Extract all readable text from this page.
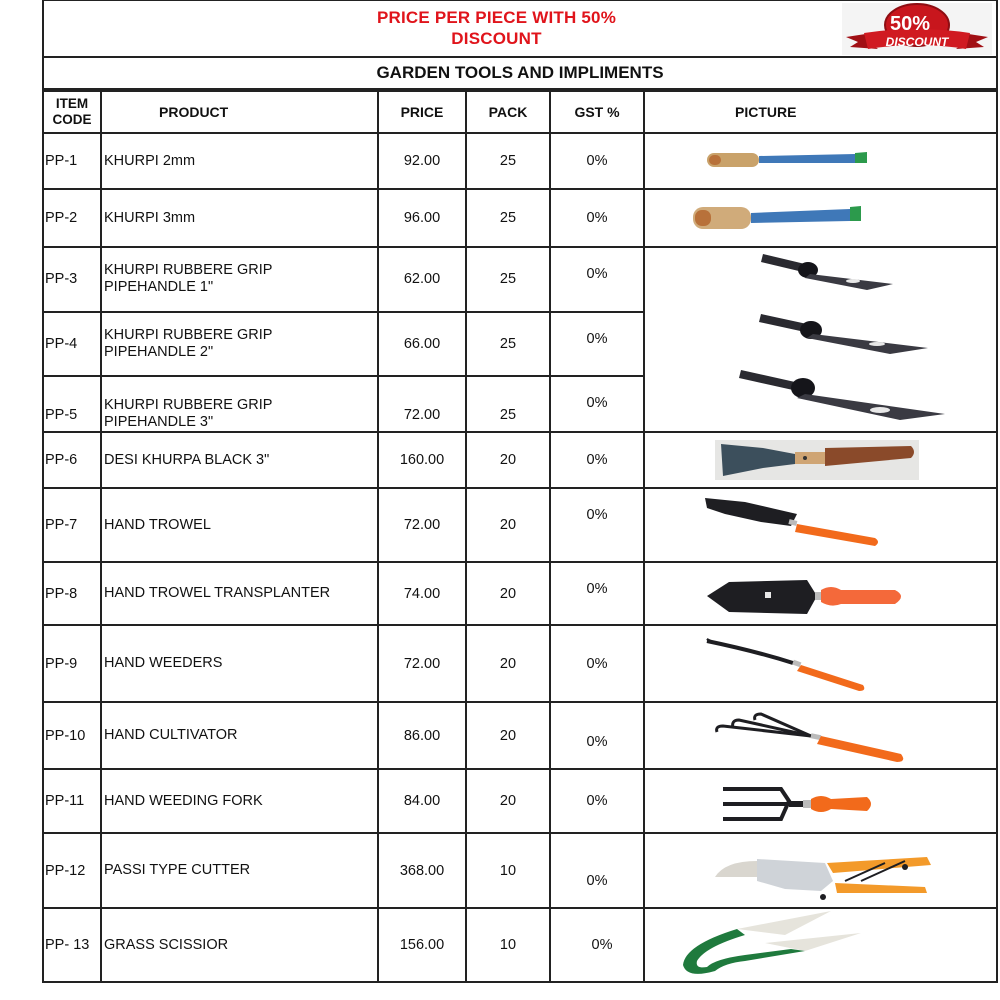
PRICE PER PIECE WITH 50%
DISCOUNT
50%
DISCOUNT
GARDEN TOOLS AND IMPLIMENTS
ITEM
CODE	PRODUCT	PRICE	PACK	GST %	PICTURE
PP-1	KHURPI 2mm	92.00	25	0%	

PP-2	KHURPI 3mm	96.00	25	0%	

PP-3	KHURPI RUBBERE GRIP
PIPEHANDLE 1"	62.00	25	0%	

PP-4	KHURPI RUBBERE GRIP
PIPEHANDLE 2"	66.00	25	0%	
PP-5	KHURPI RUBBERE GRIP
PIPEHANDLE 3"	72.00	25	0%	
PP-6	DESI KHURPA BLACK 3"	160.00	20	0%	

PP-7	HAND TROWEL	72.00	20	0%	

PP-8	HAND TROWEL TRANSPLANTER	74.00	20	0%	

PP-9	HAND WEEDERS	72.00	20	0%	

PP-10	HAND CULTIVATOR	86.00	20	0%	

PP-11	HAND WEEDING FORK	84.00	20	0%	

PP-12	PASSI TYPE CUTTER	368.00	10	0%	

PP- 13	GRASS SCISSIOR	156.00	10	0%	
